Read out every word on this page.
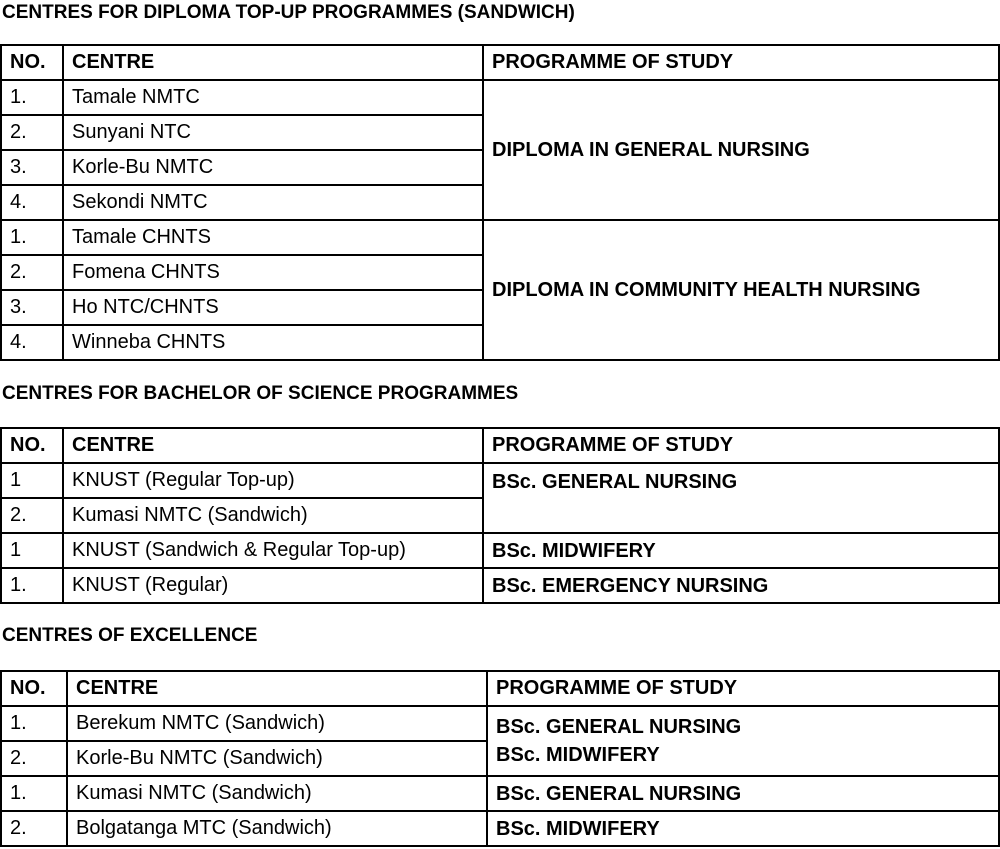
CENTRES FOR DIPLOMA TOP-UP PROGRAMMES (SANDWICH)
NO.	CENTRE	PROGRAMME OF STUDY
1.	Tamale NMTC	DIPLOMA IN GENERAL NURSING

2.	Sunyani NTC	
3.	Korle-Bu NMTC	
4.	Sekondi NMTC	
1.	Tamale CHNTS	DIPLOMA IN COMMUNITY HEALTH NURSING

2.	Fomena CHNTS	
3.	Ho NTC/CHNTS	
4.	Winneba CHNTS	
CENTRES FOR BACHELOR OF SCIENCE PROGRAMMES
NO.	CENTRE	PROGRAMME OF STUDY
1	KNUST (Regular Top-up)	BSc. GENERAL NURSING

2.	Kumasi NMTC (Sandwich)	
1	KNUST (Sandwich & Regular Top-up)	BSc. MIDWIFERY

1.	KNUST (Regular)	BSc. EMERGENCY NURSING
CENTRES OF EXCELLENCE
NO.	CENTRE	PROGRAMME OF STUDY
1.	Berekum NMTC (Sandwich)	BSc. GENERAL NURSING
BSc. MIDWIFERY

2.	Korle-Bu NMTC (Sandwich)	
1.	Kumasi NMTC (Sandwich)	BSc. GENERAL NURSING

2.	Bolgatanga MTC (Sandwich)	BSc. MIDWIFERY
